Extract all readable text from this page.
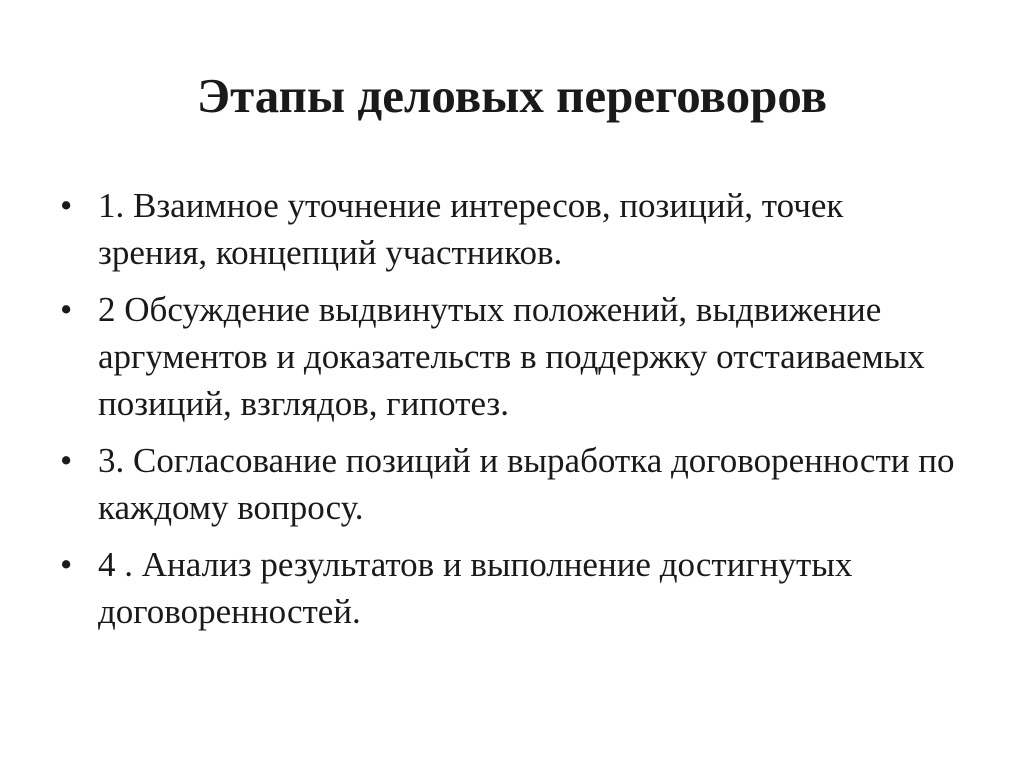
Этапы деловых переговоров
• 1. Взаимное уточнение интересов, позиций, точек зрения, концепций участников.
• 2 Обсуждение выдвинутых положений, выдвижение аргументов и доказательств в поддержку отстаиваемых позиций, взглядов, гипотез.
• 3. Согласование позиций и выработка договоренности по каждому вопросу.
• 4 . Анализ результатов и выполнение достигнутых договоренностей.
